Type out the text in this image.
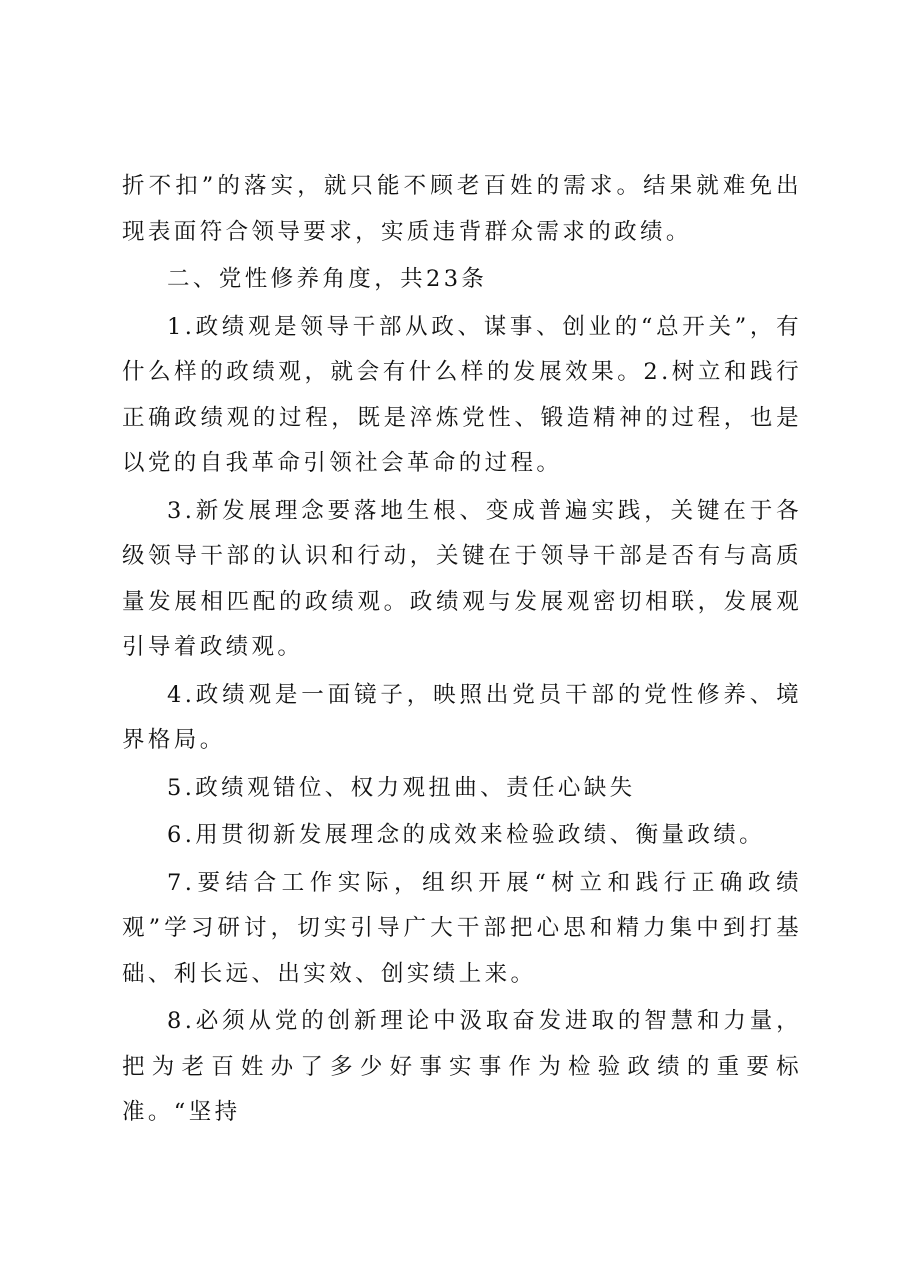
折不扣”的落实，就只能不顾老百姓的需求。结果就难免出现表面符合领导要求，实质违背群众需求的政绩。

二、党性修养角度，共23条

1.政绩观是领导干部从政、谋事、创业的“总开关”，有什么样的政绩观，就会有什么样的发展效果。2.树立和践行正确政绩观的过程，既是淬炼党性、锻造精神的过程，也是以党的自我革命引领社会革命的过程。

3.新发展理念要落地生根、变成普遍实践，关键在于各级领导干部的认识和行动，关键在于领导干部是否有与高质量发展相匹配的政绩观。政绩观与发展观密切相联，发展观引导着政绩观。

4.政绩观是一面镜子，映照出党员干部的党性修养、境界格局。

5.政绩观错位、权力观扭曲、责任心缺失

6.用贯彻新发展理念的成效来检验政绩、衡量政绩。

7.要结合工作实际，组织开展“树立和践行正确政绩观”学习研讨，切实引导广大干部把心思和精力集中到打基础、利长远、出实效、创实绩上来。

8.必须从党的创新理论中汲取奋发进取的智慧和力量，把为老百姓办了多少好事实事作为检验政绩的重要标准。“坚持
